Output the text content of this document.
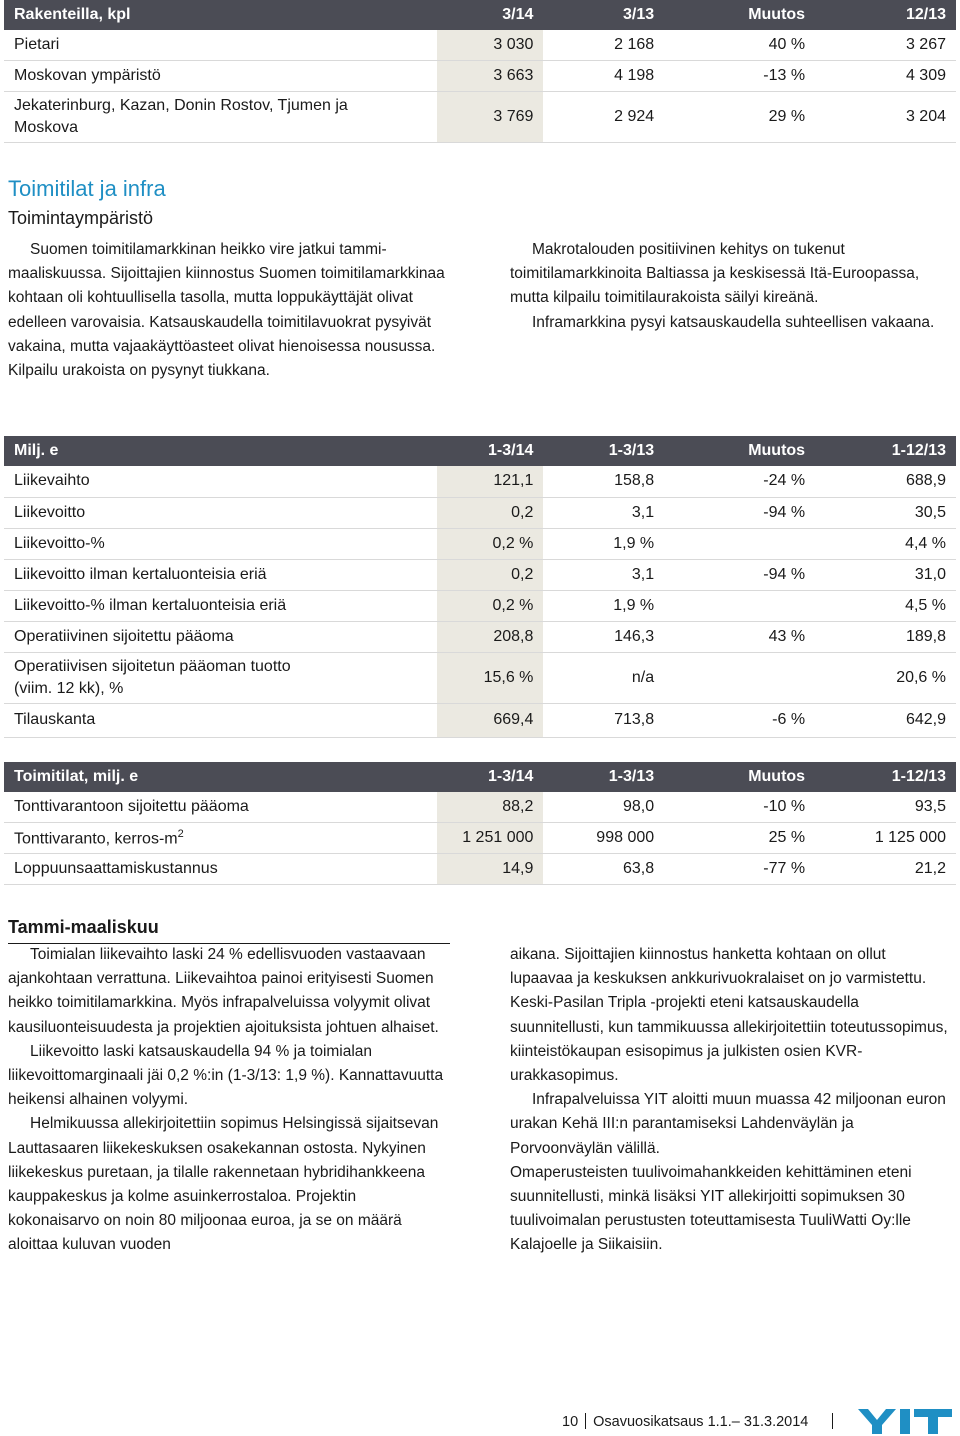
Rakenteilla, kpl	3/14	3/13	Muutos	12/13
Pietari	3 030	2 168	40 %	3 267
Moskovan ympäristö	3 663	4 198	-13 %	4 309
Jekaterinburg, Kazan, Donin Rostov, Tjumen ja Moskova	3 769	2 924	29 %	3 204
Toimitilat ja infra
Toimintaympäristö

Suomen toimitilamarkkinan heikko vire jatkui tammi-maaliskuussa. Sijoittajien kiinnostus Suomen toimitilamarkkinaa kohtaan oli kohtuullisella tasolla, mutta loppukäyttäjät olivat edelleen varovaisia. Katsauskaudella toimitilavuokrat pysyivät vakaina, mutta vajaakäyttöasteet olivat hienoisessa nousussa. Kilpailu urakoista on pysynyt tiukkana.

Makrotalouden positiivinen kehitys on tukenut toimitilamarkkinoita Baltiassa ja keskisessä Itä-Euroopassa, mutta kilpailu toimitilaurakoista säilyi kireänä.

Inframarkkina pysyi katsauskaudella suhteellisen vakaana.

Milj. e	1-3/14	1-3/13	Muutos	1-12/13
Liikevaihto	121,1	158,8	-24 %	688,9
Liikevoitto	0,2	3,1	-94 %	30,5
Liikevoitto-%	0,2 %	1,9 %		4,4 %
Liikevoitto ilman kertaluonteisia eriä	0,2	3,1	-94 %	31,0
Liikevoitto-% ilman kertaluonteisia eriä	0,2 %	1,9 %		4,5 %
Operatiivinen sijoitettu pääoma	208,8	146,3	43 %	189,8
Operatiivisen sijoitetun pääoman tuotto (viim. 12 kk), %	15,6 %	n/a		20,6 %
Tilauskanta	669,4	713,8	-6 %	642,9
Toimitilat, milj. e	1-3/14	1-3/13	Muutos	1-12/13
Tonttivarantoon sijoitettu pääoma	88,2	98,0	-10 %	93,5
Tonttivaranto, kerros-$m^2$	1 251 000	998 000	25 %	1 125 000
Loppuunsaattamiskustannus	14,9	63,8	-77 %	21,2
Tammi-maaliskuu

Toimialan liikevaihto laski 24 % edellisvuoden vastaavaan ajankohtaan verrattuna. Liikevaihtoa painoi erityisesti Suomen heikko toimitilamarkkina. Myös infrapalveluissa volyymit olivat kausiluonteisuudesta ja projektien ajoituksista johtuen alhaiset.

Liikevoitto laski katsauskaudella 94 % ja toimialan liikevoittomarginaali jäi 0,2 %:in (1-3/13: 1,9 %). Kannattavuutta heikensi alhainen volyymi.

Helmikuussa allekirjoitettiin sopimus Helsingissä sijaitsevan Lauttasaaren liikekeskuksen osakekannan ostosta. Nykyinen liikekeskus puretaan, ja tilalle rakennetaan hybridihankkeena kauppakeskus ja kolme asuinkerrostaloa. Projektin kokonaisarvo on noin 80 miljoonaa euroa, ja se on määrä aloittaa kuluvan vuoden

aikana. Sijoittajien kiinnostus hanketta kohtaan on ollut lupaavaa ja keskuksen ankkurivuokralaiset on jo varmistettu. Keski-Pasilan Tripla -projekti eteni katsauskaudella suunnitellusti, kun tammikuussa allekirjoitettiin toteutussopimus, kiinteistökaupan esisopimus ja julkisten osien KVR-urakkasopimus.

Infrapalveluissa YIT aloitti muun muassa 42 miljoonan euron urakan Kehä III:n parantamiseksi Lahdenväylän ja Porvoonväylän välillä.

Omaperusteisten tuulivoimahankkeiden kehittäminen eteni suunnitellusti, minkä lisäksi YIT allekirjoitti sopimuksen 30 tuulivoimalan perustusten toteuttamisesta TuuliWatti Oy:lle Kalajoelle ja Siikaisiin.

10 Osavuosikatsaus 1.1.– 31.3.2014
